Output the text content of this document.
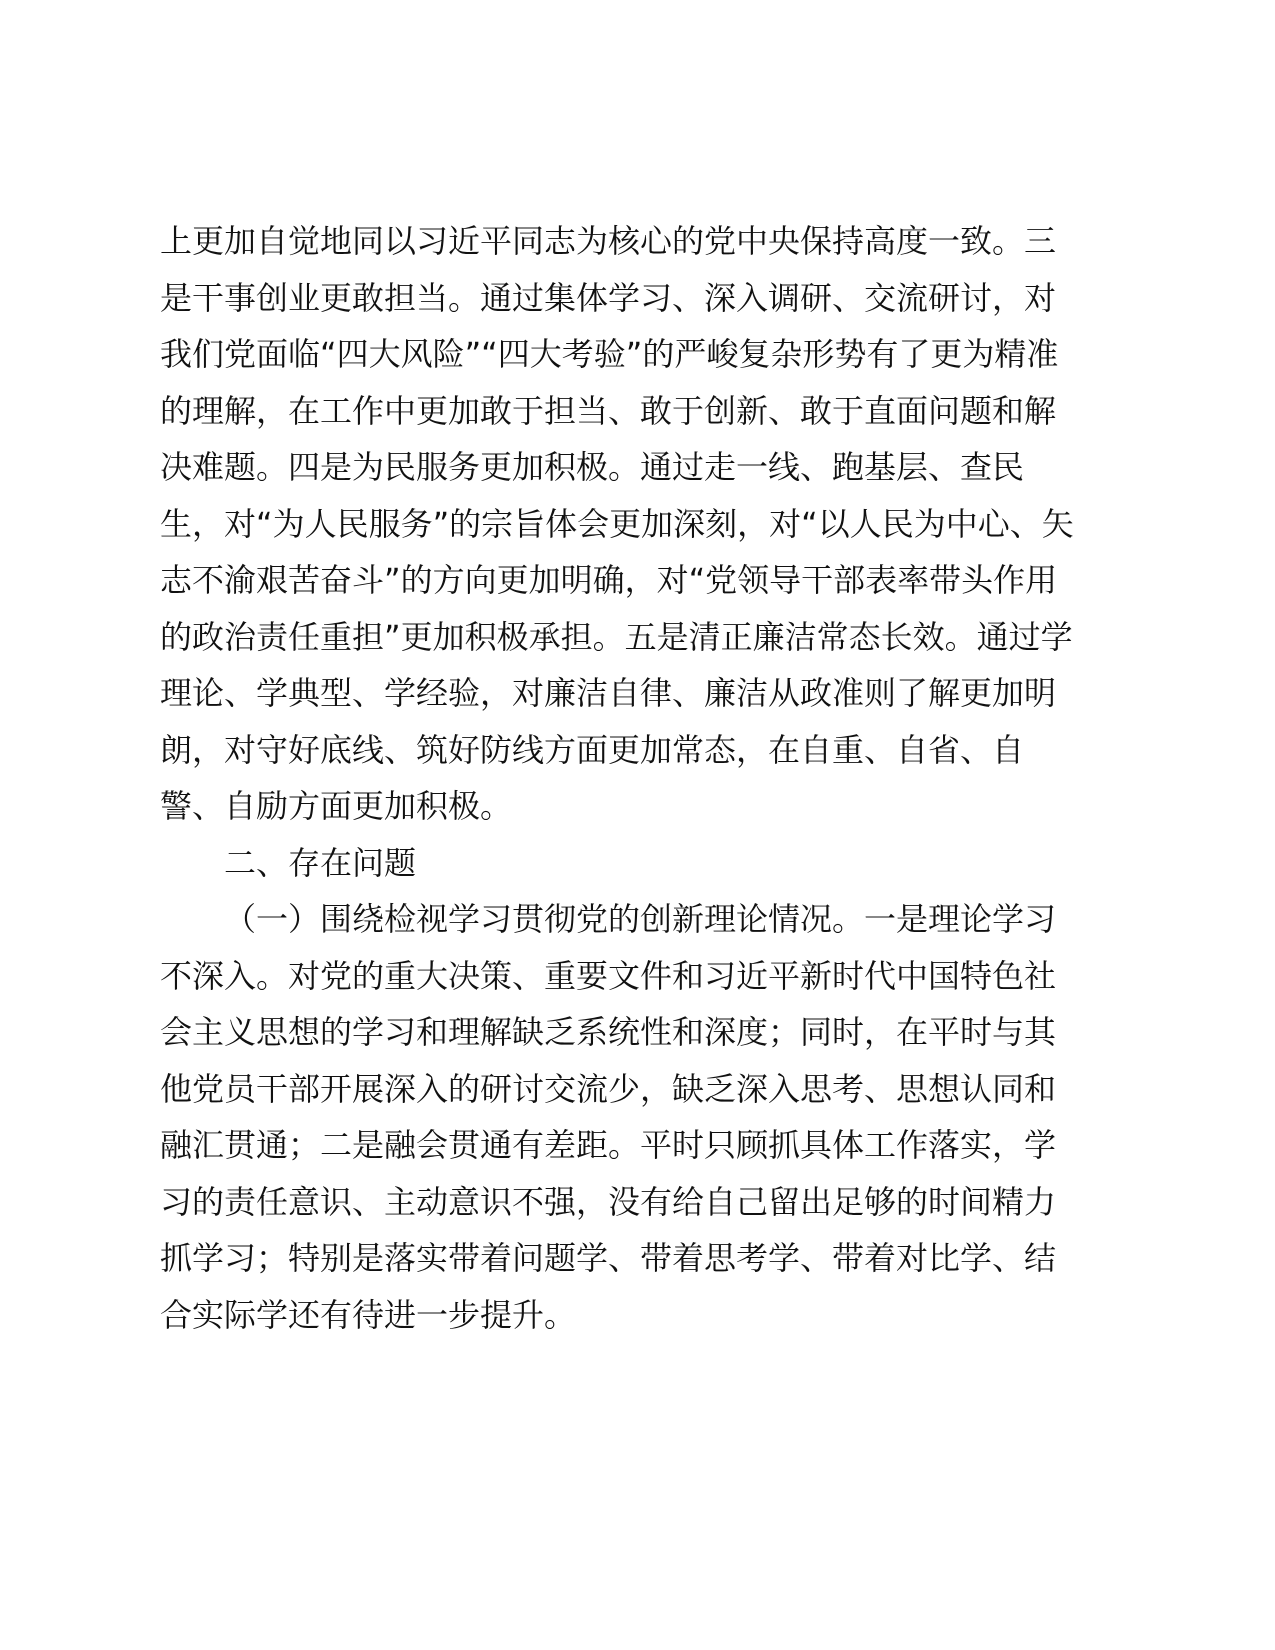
上更加自觉地同以习近平同志为核心的党中央保持高度一致。三
是干事创业更敢担当。通过集体学习、深入调研、交流研讨，对
我们党面临“四大风险”“四大考验”的严峻复杂形势有了更为精准
的理解，在工作中更加敢于担当、敢于创新、敢于直面问题和解
决难题。四是为民服务更加积极。通过走一线、跑基层、查民
生，对“为人民服务”的宗旨体会更加深刻，对“以人民为中心、矢
志不渝艰苦奋斗”的方向更加明确，对“党领导干部表率带头作用
的政治责任重担”更加积极承担。五是清正廉洁常态长效。通过学
理论、学典型、学经验，对廉洁自律、廉洁从政准则了解更加明
朗，对守好底线、筑好防线方面更加常态，在自重、自省、自
警、自励方面更加积极。
二、存在问题
（一）围绕检视学习贯彻党的创新理论情况。一是理论学习
不深入。对党的重大决策、重要文件和习近平新时代中国特色社
会主义思想的学习和理解缺乏系统性和深度；同时，在平时与其
他党员干部开展深入的研讨交流少，缺乏深入思考、思想认同和
融汇贯通；二是融会贯通有差距。平时只顾抓具体工作落实，学
习的责任意识、主动意识不强，没有给自己留出足够的时间精力
抓学习；特别是落实带着问题学、带着思考学、带着对比学、结
合实际学还有待进一步提升。
